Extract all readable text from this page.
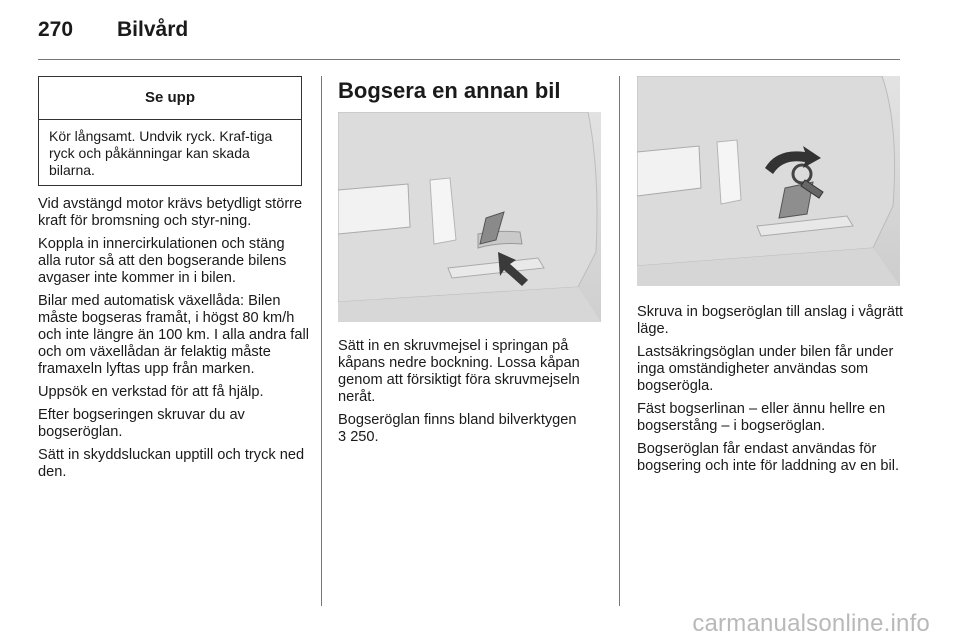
270 Bilvård
Se upp
Kör långsamt. Undvik ryck. Kraf-tiga ryck och påkänningar kan skada bilarna.

Vid avstängd motor krävs betydligt större kraft för bromsning och styr-ning.

Koppla in innercirkulationen och stäng alla rutor så att den bogserande bilens avgaser inte kommer in i bilen.

Bilar med automatisk växellåda: Bilen måste bogseras framåt, i högst 80 km/h och inte längre än 100 km. I alla andra fall och om växellådan är felaktig måste framaxeln lyftas upp från marken.

Uppsök en verkstad för att få hjälp.

Efter bogseringen skruvar du av bogseröglan.

Sätt in skyddsluckan upptill och tryck ned den.

Bogsera en annan bil

Sätt in en skruvmejsel i springan på kåpans nedre bockning. Lossa kåpan genom att försiktigt föra skruvmejseln neråt.

Bogseröglan finns bland bilverktygen
3 250.

Skruva in bogseröglan till anslag i vågrätt läge.

Lastsäkringsöglan under bilen får under inga omständigheter användas som bogserögla.

Fäst bogserlinan – eller ännu hellre en bogserstång – i bogseröglan.

Bogseröglan får endast användas för bogsering och inte för laddning av en bil.

carmanualsonline.info
